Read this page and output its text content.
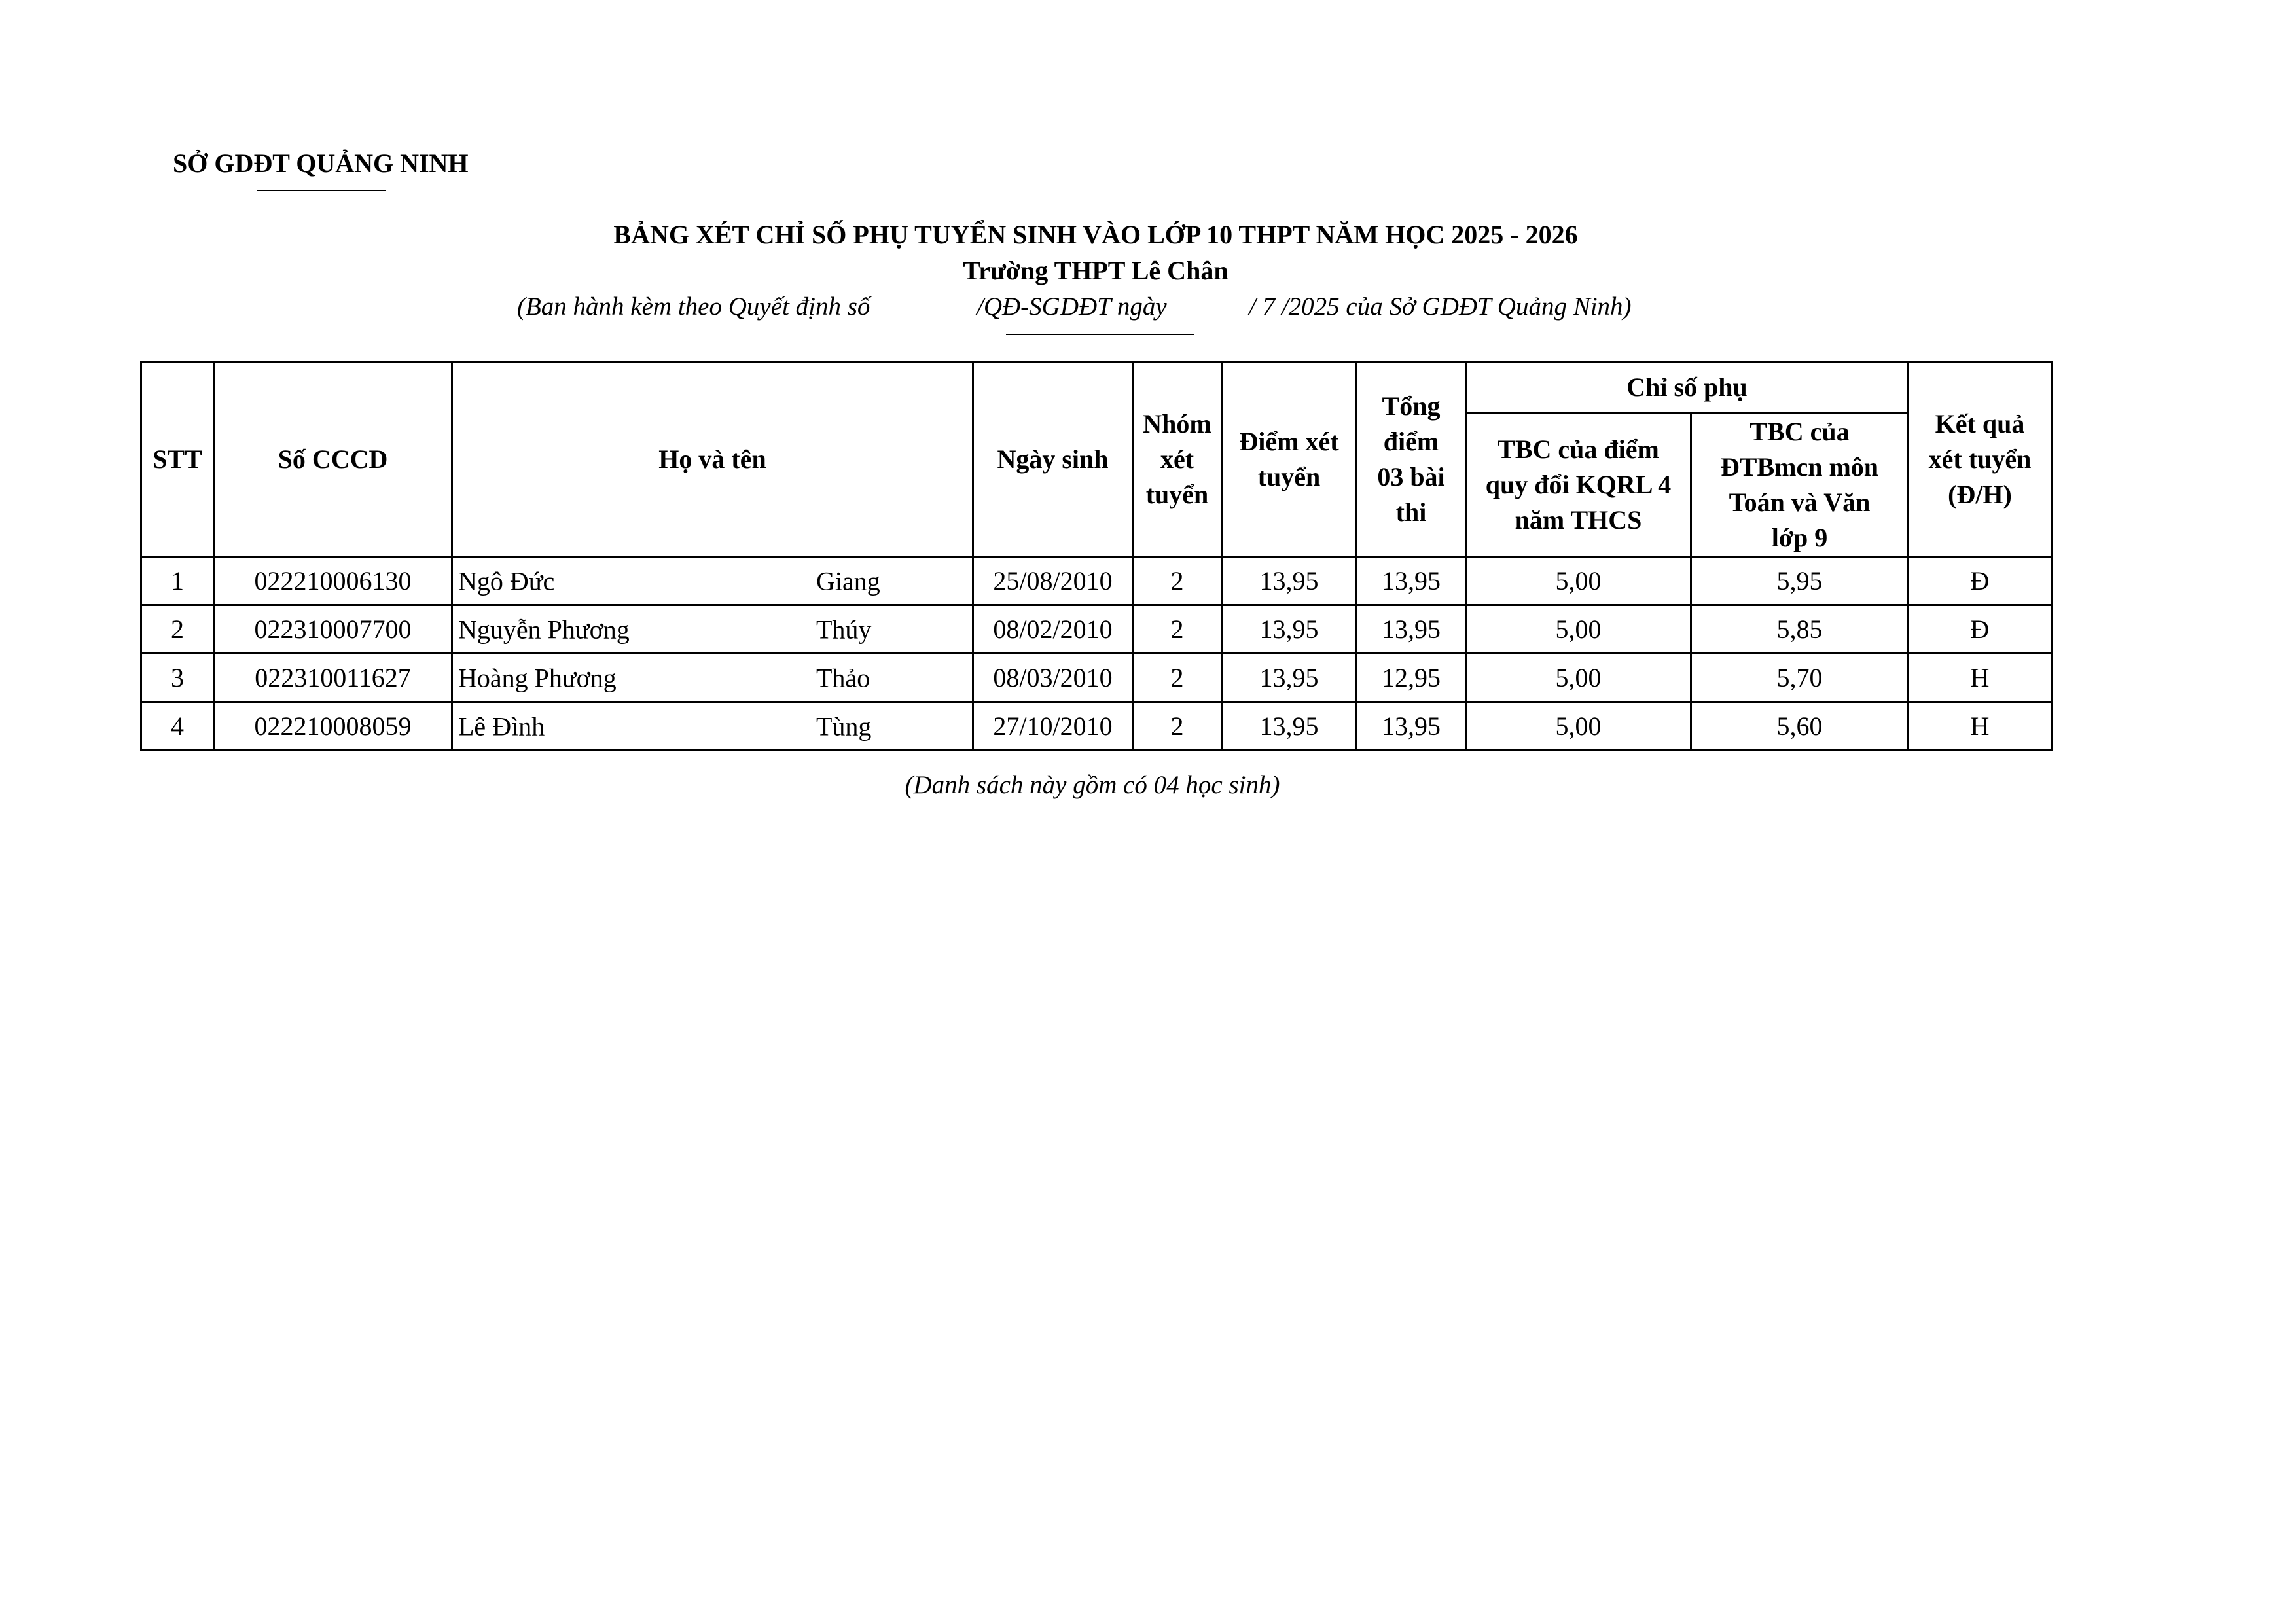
SỞ GDĐT QUẢNG NINH
BẢNG XÉT CHỈ SỐ PHỤ TUYỂN SINH VÀO LỚP 10 THPT NĂM HỌC 2025 - 2026
Trường THPT Lê Chân
(Ban hành kèm theo Quyết định số	/QĐ-SGDĐT ngày	/ 7 /2025 của Sở GDĐT Quảng Ninh)
STT	Số CCCD	Họ và tên	Ngày sinh	Nhóm xét tuyển	Điểm xét tuyển	Tổng điểm 03 bài thi	Chỉ số phụ		Kết quả xét tuyển (Đ/H)

							TBC của điểm quy đổi KQRL 4 năm THCS	TBC của ĐTBmcn môn Toán và Văn lớp 9	

1	022210006130	Ngô Đức Giang	25/08/2010	2	13,95	13,95	5,00	5,95	Đ
2	022310007700	Nguyễn Phương Thúy	08/02/2010	2	13,95	13,95	5,00	5,85	Đ
3	022310011627	Hoàng Phương Thảo	08/03/2010	2	13,95	12,95	5,00	5,70	H
4	022210008059	Lê Đình Tùng	27/10/2010	2	13,95	13,95	5,00	5,60	H
(Danh sách này gồm có 04 học sinh)
